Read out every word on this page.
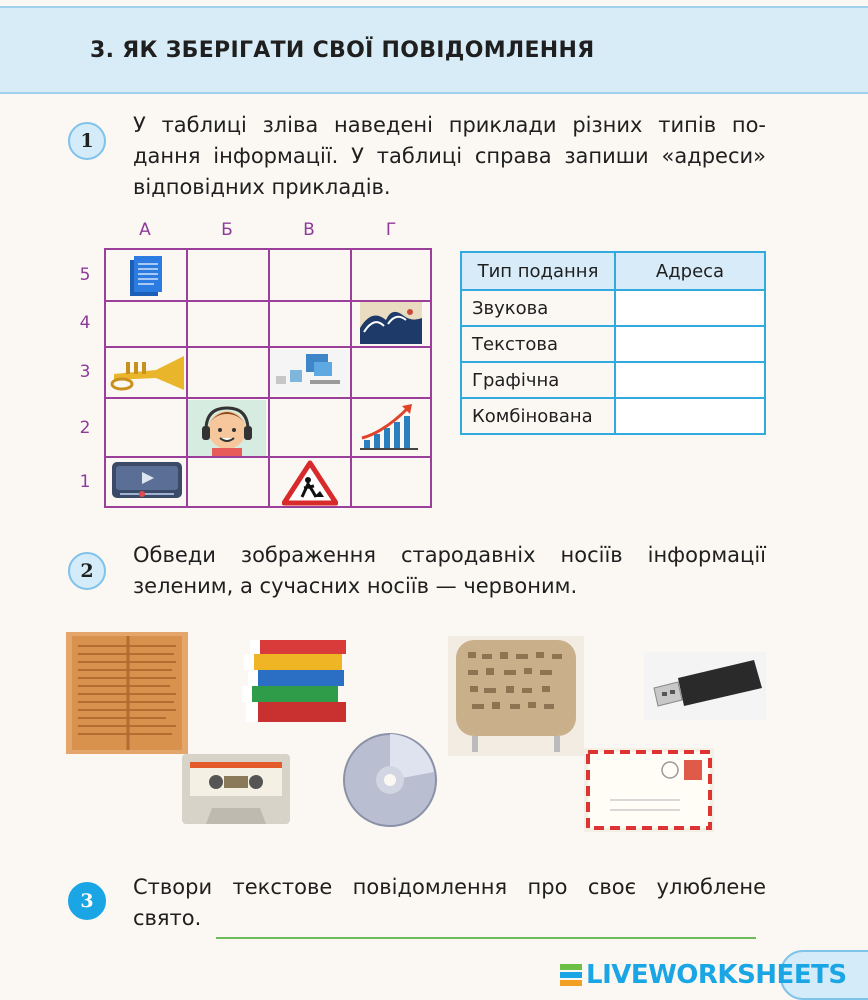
3. ЯК ЗБЕРІГАТИ СВОЇ ПОВІДОМЛЕННЯ
1
У таблиці зліва наведені приклади різних типів по-
дання інформації. У таблиці справа запиши «адреси»
відповідних прикладів.
А	Б	В	Г
5
4
3
2
1
Тип подання	Адреса
Звукова	
Текстова	
Графічна	
Комбінована	
2
Обведи зображення стародавніх носіїв інформації
зеленим, а сучасних носіїв — червоним.
3
Створи текстове повідомлення про своє улюблене
свято.
LIVEWORKSHEETS
